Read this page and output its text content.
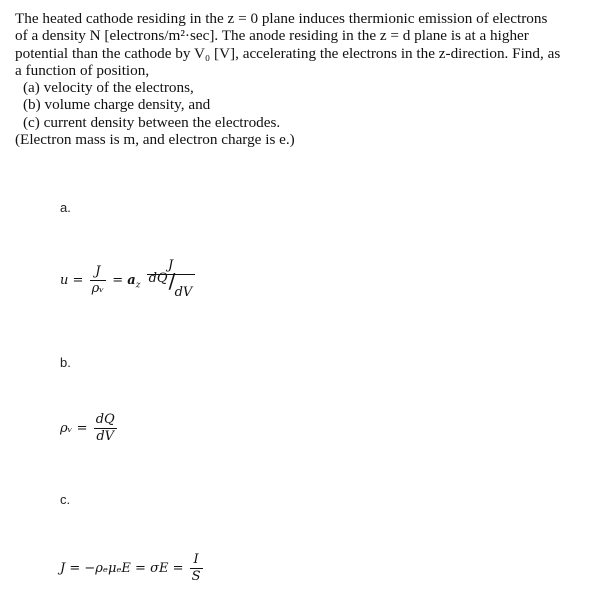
The heated cathode residing in the z = 0 plane induces thermionic emission of electrons

of a density N [electrons/m²·sec]. The anode residing in the z = d plane is at a higher

potential than the cathode by V₀ [V], accelerating the electrons in the z-direction. Find, as

a function of position,

(a) velocity of the electrons,

(b) volume charge density, and

(c) current density between the electrodes.

(Electron mass is m, and electron charge is e.)

a.
$u = \frac{J}{\text{ρᵥ}} = a_z \frac{J}{dQ / dV}$
b.
ρᵥ = $\frac{dQ}{dV}$
c.
$J = -\rho_e\mu_eE = \sigma E = \frac{I}{S}$
